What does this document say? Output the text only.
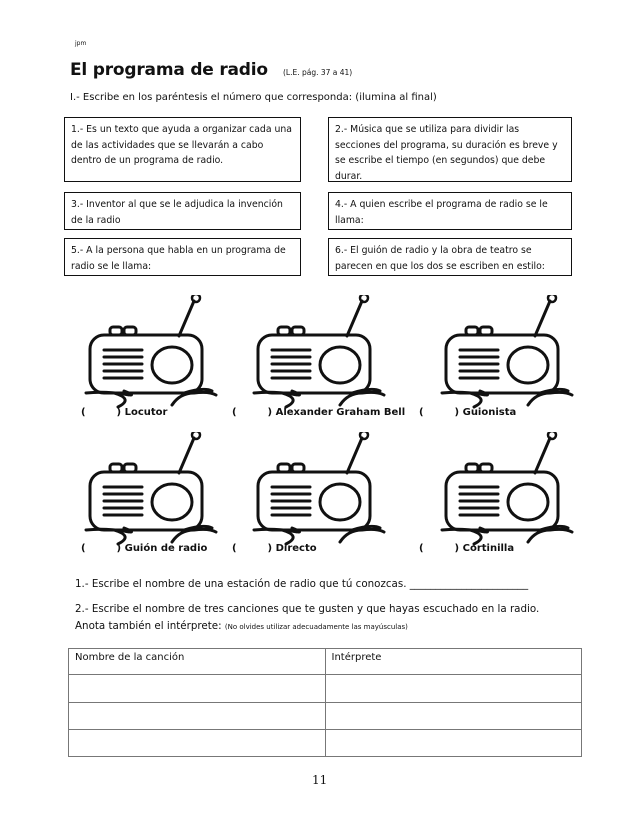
jpm
El programa de radio (L.E. pág. 37 a 41)
I.- Escribe en los paréntesis el número que corresponda: (ilumina al final)
1.- Es un texto que ayuda a organizar cada una de las actividades que se llevarán a cabo dentro de un programa de radio.
2.- Música que se utiliza para dividir las secciones del programa, su duración es breve y se escribe el tiempo (en segundos) que debe durar.
3.- Inventor al que se le adjudica la invención de la radio
4.- A quien escribe el programa de radio se le llama:
5.- A la persona que habla en un programa de radio se le llama:
6.- El guión de radio y la obra de teatro se parecen en que los dos se escriben en estilo:
(	) Locutor	(	) Alexander Graham Bell (	) Guionista
(	) Guión de radio (	) Directo	(	) Cortinilla
1.- Escribe el nombre de una estación de radio que tú conozcas. _______________________
2.- Escribe el nombre de tres canciones que te gusten y que hayas escuchado en la radio.
Anota también el intérprete: (No olvides utilizar adecuadamente las mayúsculas)
Nombre de la canción	Intérprete

11
